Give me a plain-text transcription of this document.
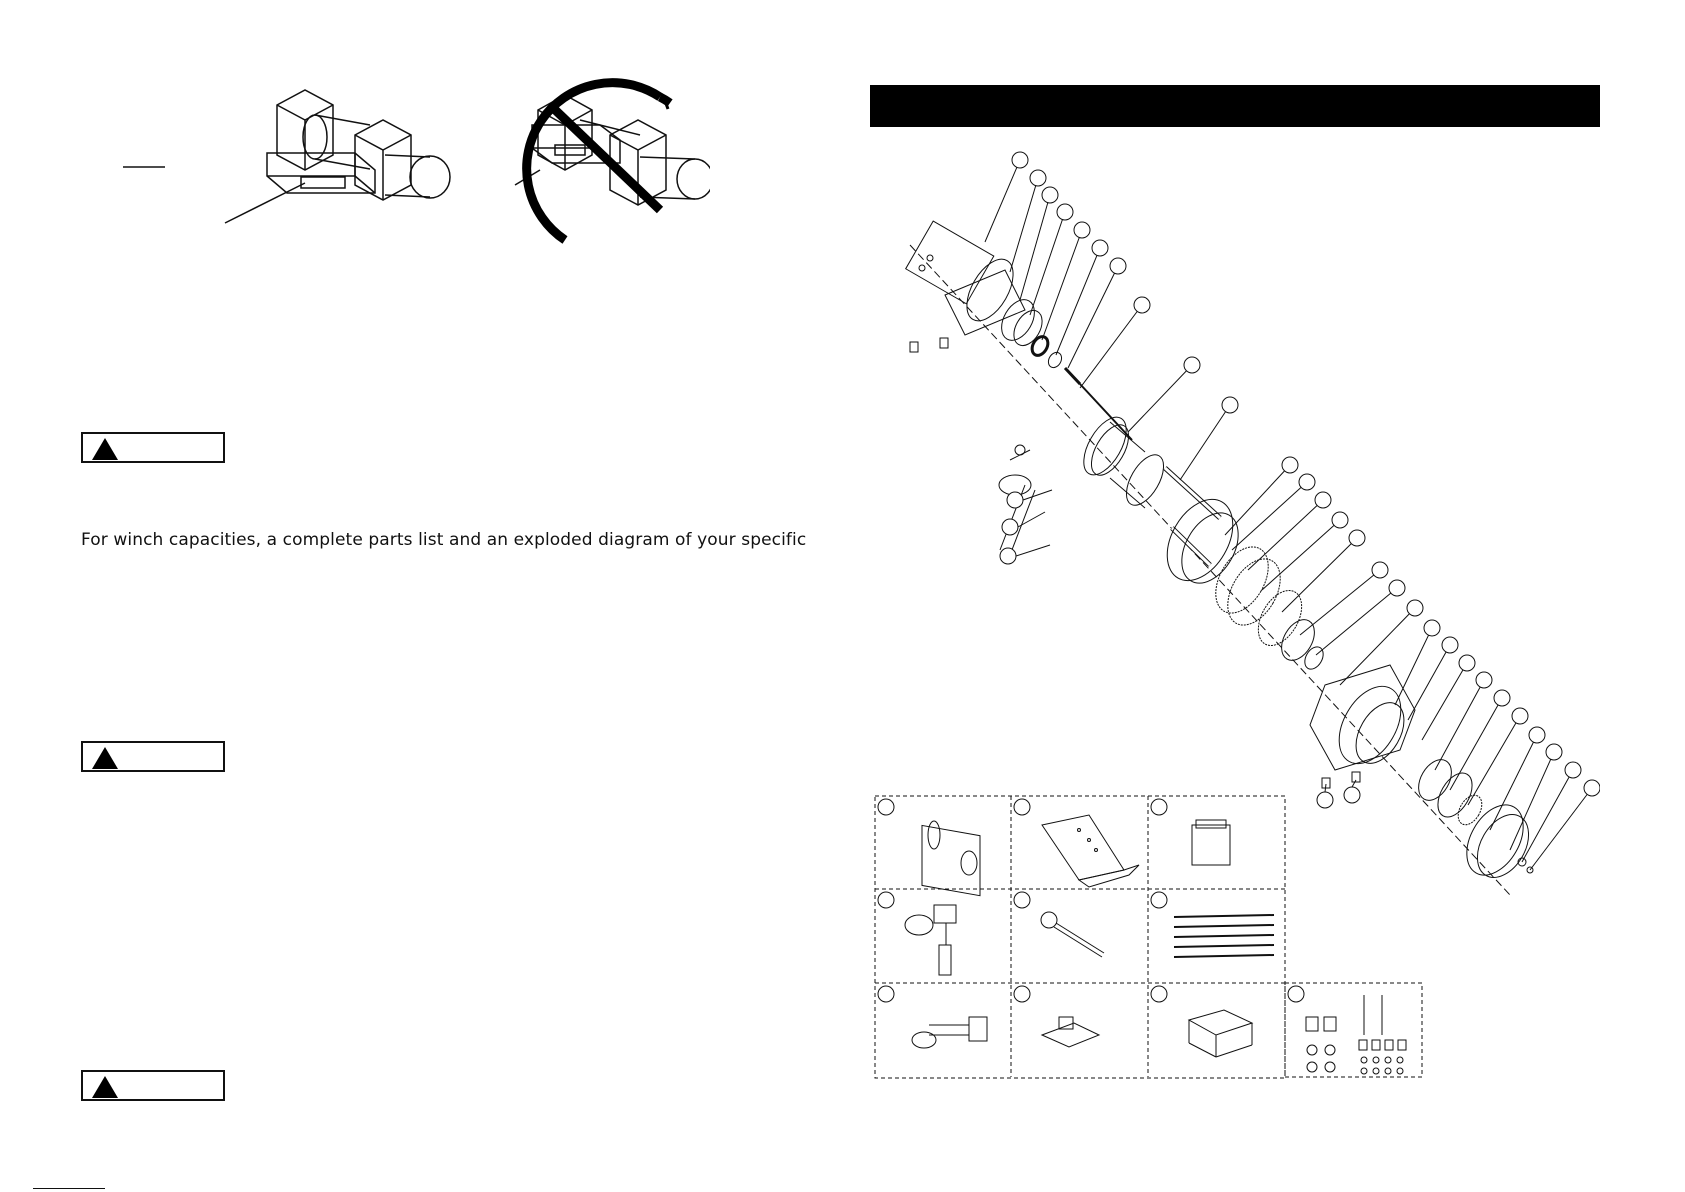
For winch capacities, a complete parts list and an exploded diagram of your specific
